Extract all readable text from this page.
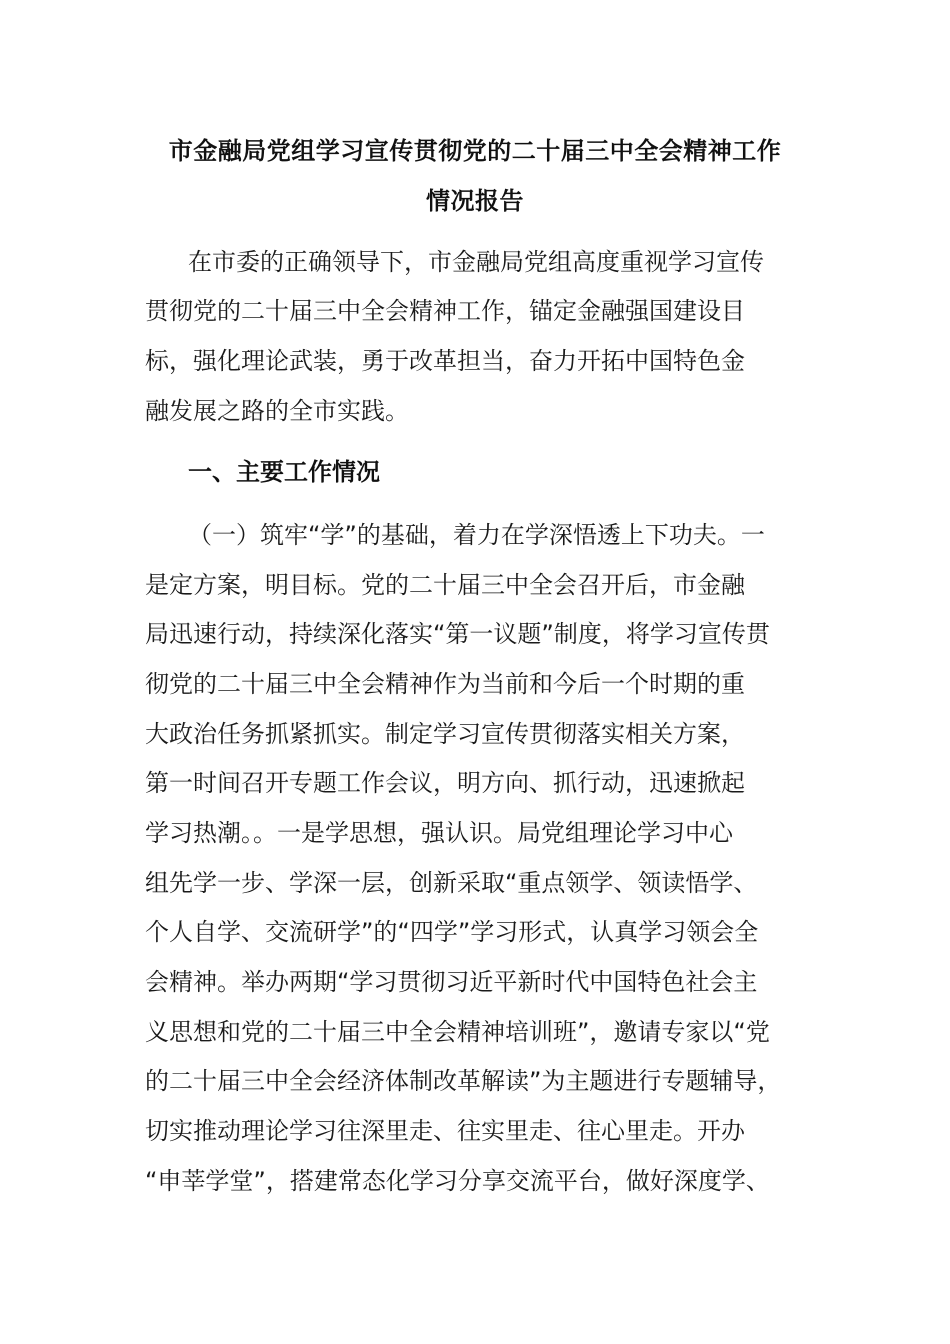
市金融局党组学习宣传贯彻党的二十届三中全会精神工作
情况报告
在市委的正确领导下，市金融局党组高度重视学习宣传
贯彻党的二十届三中全会精神工作，锚定金融强国建设目
标，强化理论武装，勇于改革担当，奋力开拓中国特色金
融发展之路的全市实践。
一、主要工作情况
（一）筑牢“学”的基础，着力在学深悟透上下功夫。一
是定方案，明目标。党的二十届三中全会召开后，市金融
局迅速行动，持续深化落实“第一议题”制度，将学习宣传贯
彻党的二十届三中全会精神作为当前和今后一个时期的重
大政治任务抓紧抓实。制定学习宣传贯彻落实相关方案，
第一时间召开专题工作会议，明方向、抓行动，迅速掀起
学习热潮。。一是学思想，强认识。局党组理论学习中心
组先学一步、学深一层，创新采取“重点领学、领读悟学、
个人自学、交流研学”的“四学”学习形式，认真学习领会全
会精神。举办两期“学习贯彻习近平新时代中国特色社会主
义思想和党的二十届三中全会精神培训班”，邀请专家以“党
的二十届三中全会经济体制改革解读”为主题进行专题辅导，
切实推动理论学习往深里走、往实里走、往心里走。开办
“申莘学堂”，搭建常态化学习分享交流平台，做好深度学、
